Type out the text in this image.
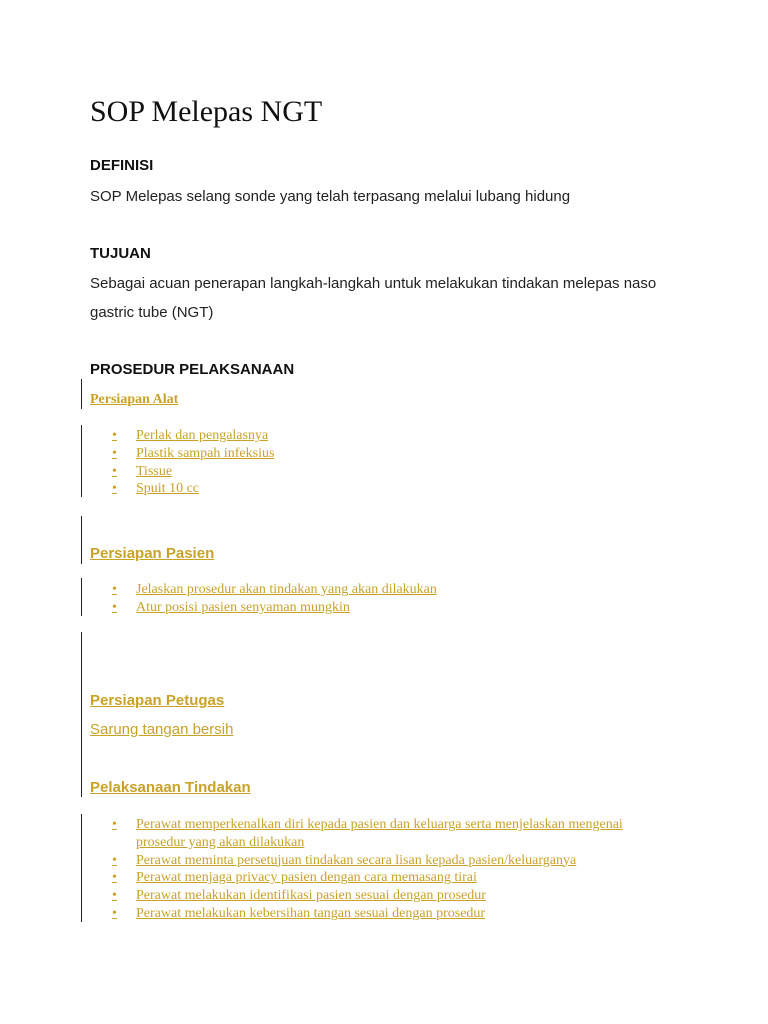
SOP Melepas NGT
DEFINISI

SOP Melepas selang sonde yang telah terpasang melalui lubang hidung

TUJUAN

Sebagai acuan penerapan langkah-langkah untuk melakukan tindakan melepas naso

gastric tube (NGT)

PROSEDUR PELAKSANAAN
Persiapan Alat
• Perlak dan pengalasnya
• Plastik sampah infeksius
• Tissue
• Spuit 10 cc
Persiapan Pasien
• Jelaskan prosedur akan tindakan yang akan dilakukan
• Atur posisi pasien senyaman mungkin
Persiapan Petugas
Sarung tangan bersih
Pelaksanaan Tindakan
• Perawat memperkenalkan diri kepada pasien dan keluarga serta menjelaskan mengenai prosedur yang akan dilakukan
• Perawat meminta persetujuan tindakan secara lisan kepada pasien/keluarganya
• Perawat menjaga privacy pasien dengan cara memasang tirai
• Perawat melakukan identifikasi pasien sesuai dengan prosedur
• Perawat melakukan kebersihan tangan sesuai dengan prosedur
